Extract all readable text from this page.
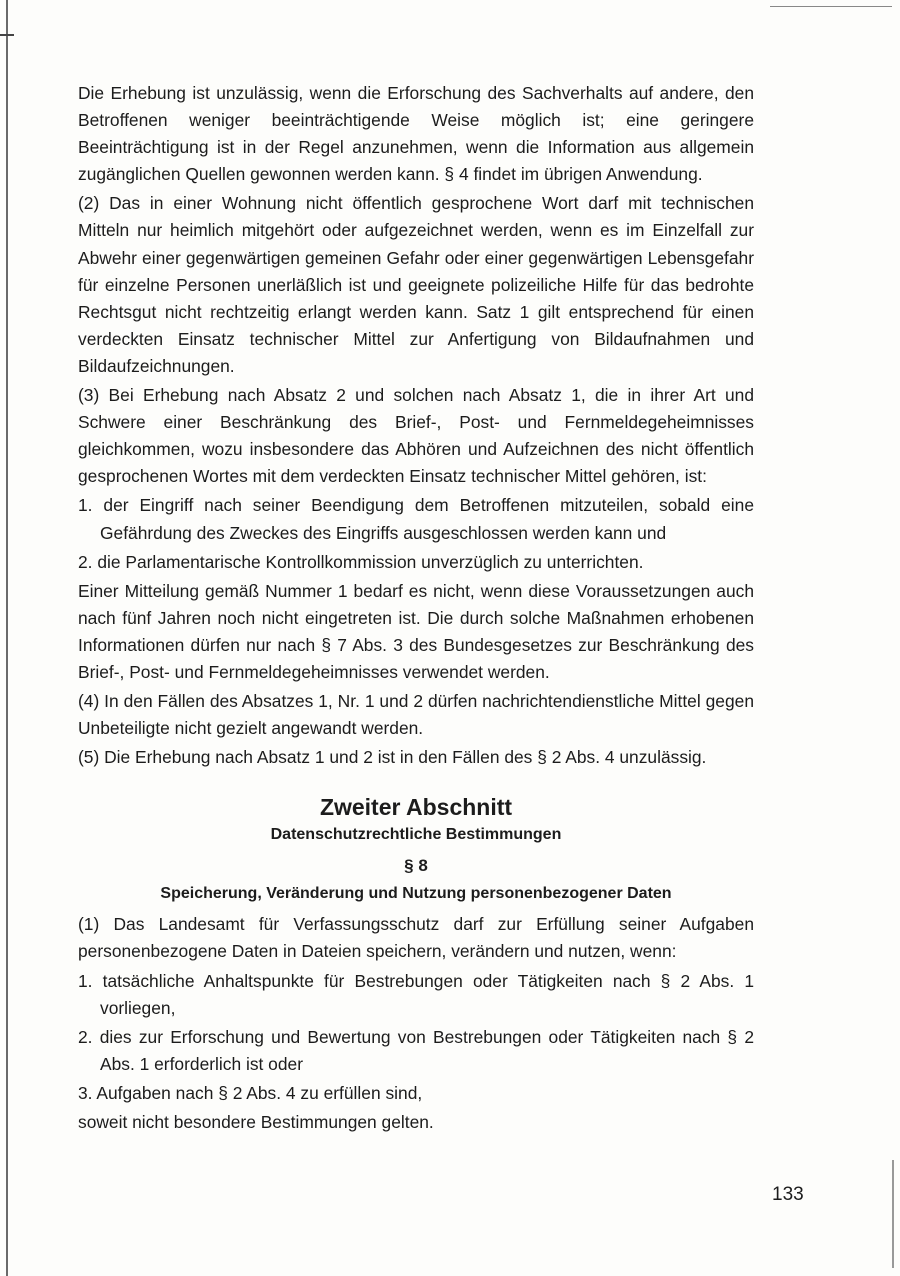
Die Erhebung ist unzulässig, wenn die Erforschung des Sachverhalts auf andere, den Betroffenen weniger beeinträchtigende Weise möglich ist; eine geringere Beeinträchtigung ist in der Regel anzunehmen, wenn die Information aus allgemein zugänglichen Quellen gewonnen werden kann. § 4 findet im übrigen Anwendung.

(2) Das in einer Wohnung nicht öffentlich gesprochene Wort darf mit technischen Mitteln nur heimlich mitgehört oder aufgezeichnet werden, wenn es im Einzelfall zur Abwehr einer gegenwärtigen gemeinen Gefahr oder einer gegenwärtigen Lebensgefahr für einzelne Personen unerläßlich ist und geeignete polizeiliche Hilfe für das bedrohte Rechtsgut nicht rechtzeitig erlangt werden kann. Satz 1 gilt entsprechend für einen verdeckten Einsatz technischer Mittel zur Anfertigung von Bildaufnahmen und Bildaufzeichnungen.

(3) Bei Erhebung nach Absatz 2 und solchen nach Absatz 1, die in ihrer Art und Schwere einer Beschränkung des Brief-, Post- und Fernmeldegeheimnisses gleichkommen, wozu insbesondere das Abhören und Aufzeichnen des nicht öffentlich gesprochenen Wortes mit dem verdeckten Einsatz technischer Mittel gehören, ist:

1. der Eingriff nach seiner Beendigung dem Betroffenen mitzuteilen, sobald eine Gefährdung des Zweckes des Eingriffs ausgeschlossen werden kann und

2. die Parlamentarische Kontrollkommission unverzüglich zu unterrichten.

Einer Mitteilung gemäß Nummer 1 bedarf es nicht, wenn diese Voraussetzungen auch nach fünf Jahren noch nicht eingetreten ist. Die durch solche Maßnahmen erhobenen Informationen dürfen nur nach § 7 Abs. 3 des Bundesgesetzes zur Beschränkung des Brief-, Post- und Fernmeldegeheimnisses verwendet werden.

(4) In den Fällen des Absatzes 1, Nr. 1 und 2 dürfen nachrichtendienstliche Mittel gegen Unbeteiligte nicht gezielt angewandt werden.

(5) Die Erhebung nach Absatz 1 und 2 ist in den Fällen des § 2 Abs. 4 unzulässig.

Zweiter Abschnitt
Datenschutzrechtliche Bestimmungen
§ 8
Speicherung, Veränderung und Nutzung personenbezogener Daten

(1) Das Landesamt für Verfassungsschutz darf zur Erfüllung seiner Aufgaben personenbezogene Daten in Dateien speichern, verändern und nutzen, wenn:

1. tatsächliche Anhaltspunkte für Bestrebungen oder Tätigkeiten nach § 2 Abs. 1 vorliegen,

2. dies zur Erforschung und Bewertung von Bestrebungen oder Tätigkeiten nach § 2 Abs. 1 erforderlich ist oder

3. Aufgaben nach § 2 Abs. 4 zu erfüllen sind,

soweit nicht besondere Bestimmungen gelten.

133
